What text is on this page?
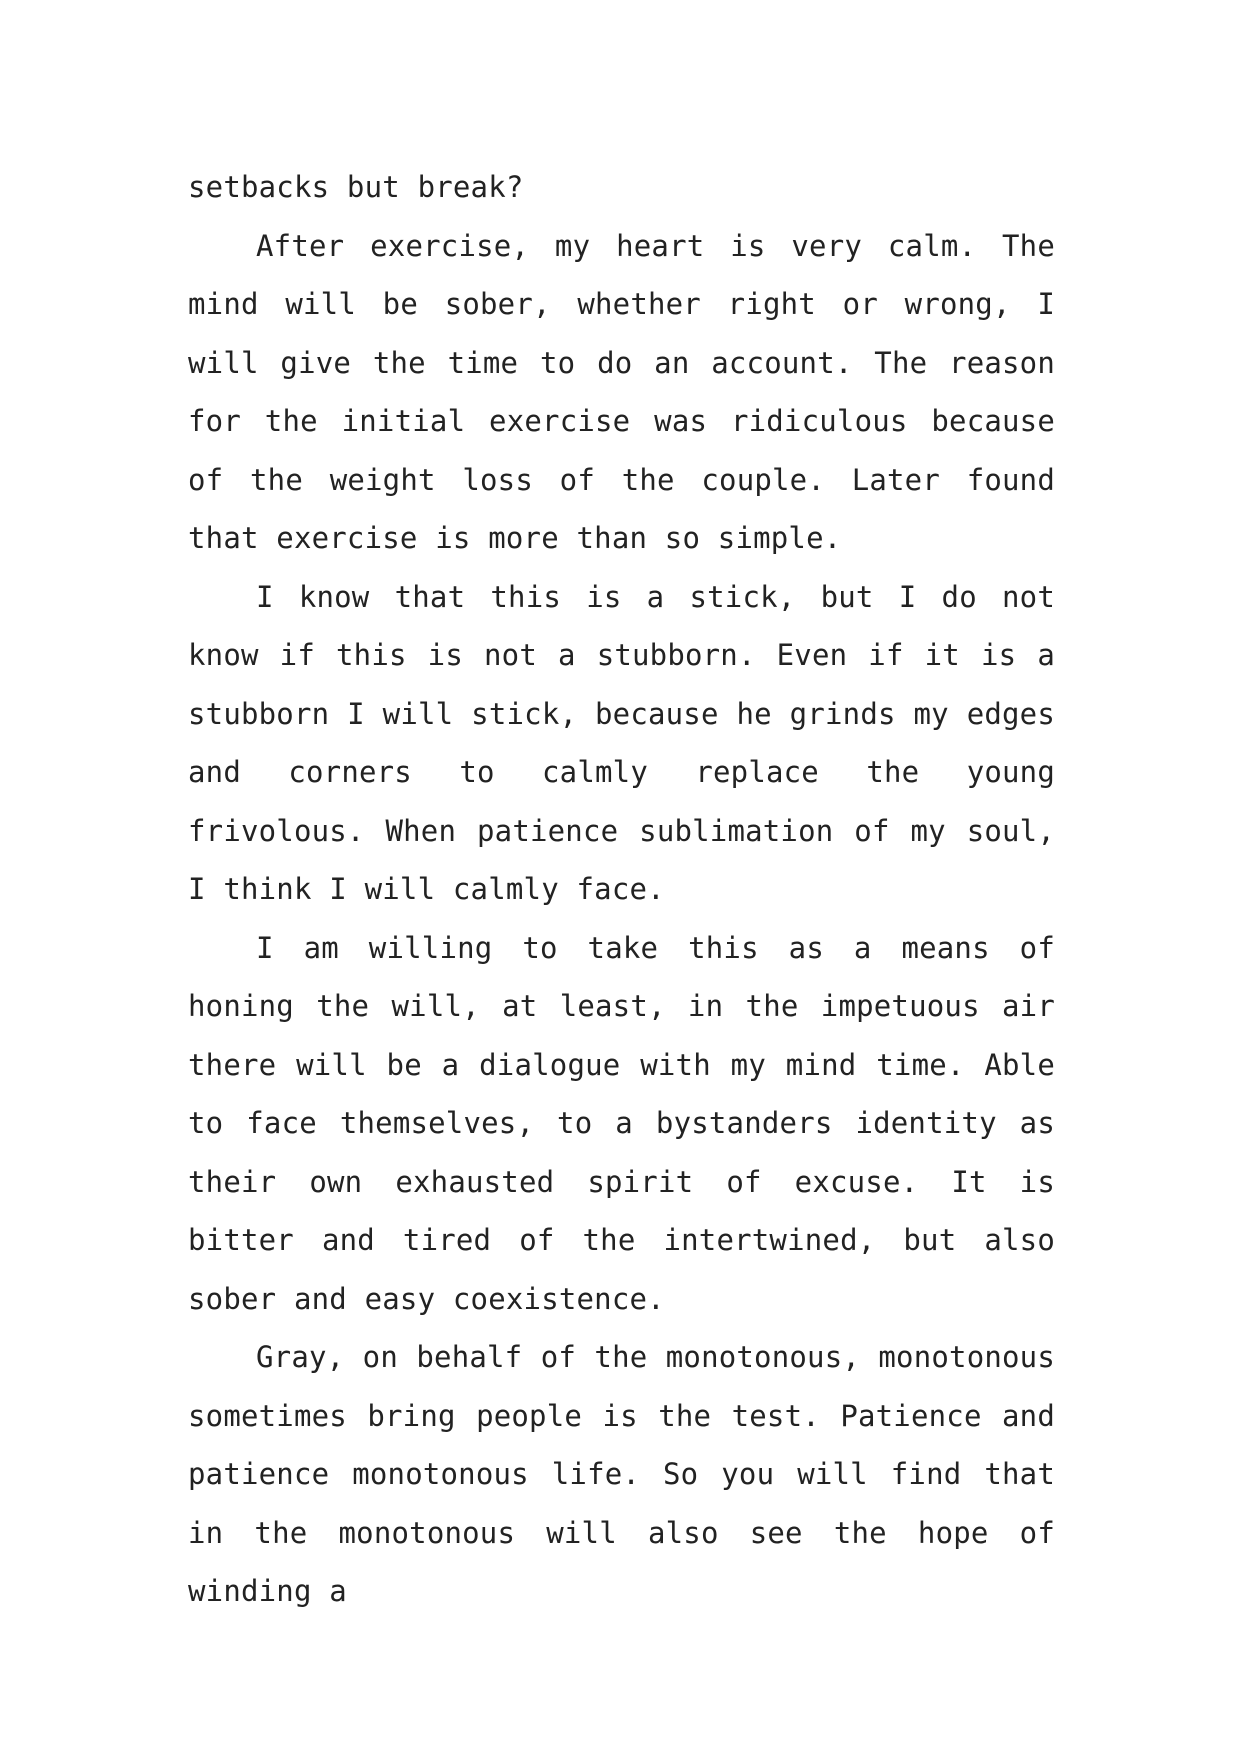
setbacks but break?

After exercise, my heart is very calm. The mind will be sober, whether right or wrong, I will give the time to do an account. The reason for the initial exercise was ridiculous because of the weight loss of the couple. Later found that exercise is more than so simple.

I know that this is a stick, but I do not know if this is not a stubborn. Even if it is a stubborn I will stick, because he grinds my edges and corners to calmly replace the young frivolous. When patience sublimation of my soul, I think I will calmly face.

I am willing to take this as a means of honing the will, at least, in the impetuous air there will be a dialogue with my mind time. Able to face themselves, to a bystanders identity as their own exhausted spirit of excuse. It is bitter and tired of the intertwined, but also sober and easy coexistence.

Gray, on behalf of the monotonous, monotonous sometimes bring people is the test. Patience and patience monotonous life. So you will find that in the monotonous will also see the hope of winding a
